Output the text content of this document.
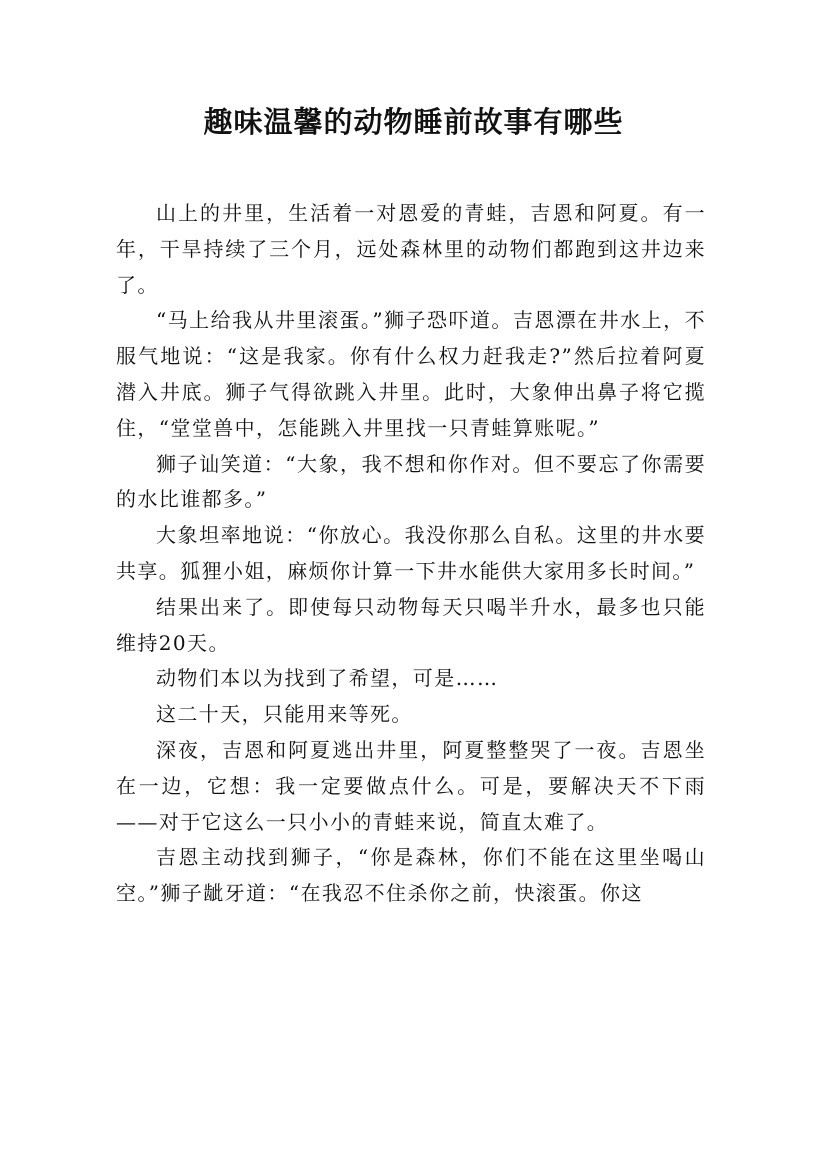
趣味温馨的动物睡前故事有哪些

山上的井里，生活着一对恩爱的青蛙，吉恩和阿夏。有一年，干旱持续了三个月，远处森林里的动物们都跑到这井边来了。

“马上给我从井里滚蛋。”狮子恐吓道。吉恩漂在井水上，不服气地说：“这是我家。你有什么权力赶我走?”然后拉着阿夏潜入井底。狮子气得欲跳入井里。此时，大象伸出鼻子将它揽住，“堂堂兽中，怎能跳入井里找一只青蛙算账呢。”

狮子讪笑道：“大象，我不想和你作对。但不要忘了你需要的水比谁都多。”

大象坦率地说：“你放心。我没你那么自私。这里的井水要共享。狐狸小姐，麻烦你计算一下井水能供大家用多长时间。”

结果出来了。即使每只动物每天只喝半升水，最多也只能维持20天。

动物们本以为找到了希望，可是……

这二十天，只能用来等死。

深夜，吉恩和阿夏逃出井里，阿夏整整哭了一夜。吉恩坐在一边，它想：我一定要做点什么。可是，要解决天不下雨——对于它这么一只小小的青蛙来说，简直太难了。

吉恩主动找到狮子，“你是森林，你们不能在这里坐喝山空。”狮子龇牙道：“在我忍不住杀你之前，快滚蛋。你这
